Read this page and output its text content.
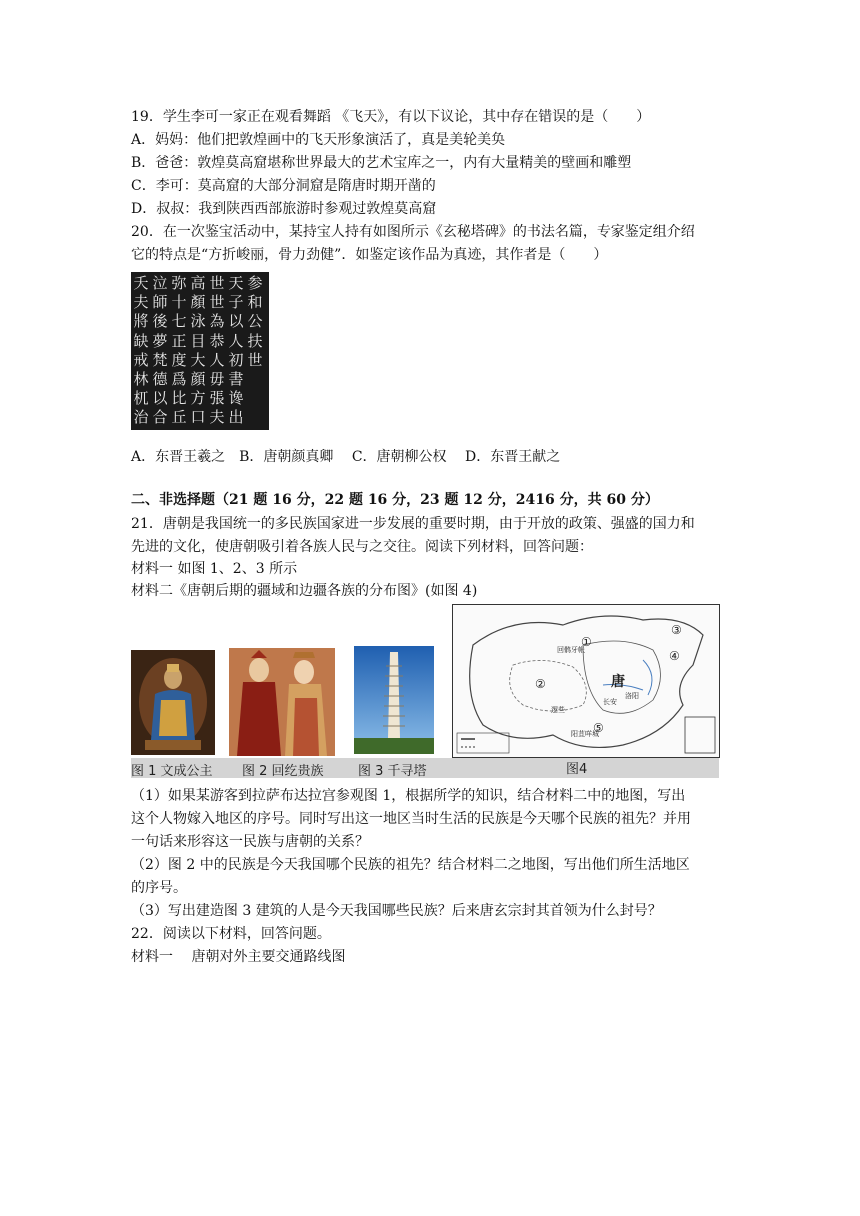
19．学生李可一家正在观看舞蹈 《飞天》，有以下议论，其中存在错误的是（　　）
A．妈妈：他们把敦煌画中的飞天形象演活了，真是美轮美奂
B．爸爸：敦煌莫高窟堪称世界最大的艺术宝库之一，内有大量精美的壁画和雕塑
C．李可：莫高窟的大部分洞窟是隋唐时期开凿的
D．叔叔：我到陕西西部旅游时参观过敦煌莫高窟
20．在一次鉴宝活动中，某持宝人持有如图所示《玄秘塔碑》的书法名篇，专家鉴定组介绍
它的特点是“方折峻丽，骨力劲健”．如鉴定该作品为真迹，其作者是（　　）
夭 泣 弥 高 世 天 参
夫 師 十 顏 世 子 和
將 後 七 泳 為 以 公
缺 夢 正 目 恭 人 扶
戒 梵 度 大 人 初 世
林 德 爲 顔 毋 書
杌 以 比 方 張 谗
治 合 丘 口 夫 出
A．东晋王羲之　B．唐朝颜真卿　 C．唐朝柳公权　 D．东晋王献之
二、非选择题（21 题 16 分，22 题 16 分，23 题 12 分，2416 分，共 60 分）
21．唐朝是我国统一的多民族国家进一步发展的重要时期，由于开放的政策、强盛的国力和
先进的文化，使唐朝吸引着各族人民与之交往。阅读下列材料，回答问题：
材料一 如图 1、2、3 所示
材料二《唐朝后期的疆域和边疆各族的分布图》(如图 4)
①
②
③
④
⑤
唐
长安
洛阳
逻些
阳苴咩城
回鹘牙帐
图 1 文成公主 图 2 回纥贵族	图 3 千寻塔	图4
（1）如果某游客到拉萨布达拉宫参观图 1，根据所学的知识，结合材料二中的地图，写出
这个人物嫁入地区的序号。同时写出这一地区当时生活的民族是今天哪个民族的祖先？并用
一句话来形容这一民族与唐朝的关系？
（2）图 2 中的民族是今天我国哪个民族的祖先？结合材料二之地图，写出他们所生活地区
的序号。
（3）写出建造图 3 建筑的人是今天我国哪些民族？后来唐玄宗封其首领为什么封号？
22．阅读以下材料，回答问题。
材料一　 唐朝对外主要交通路线图
